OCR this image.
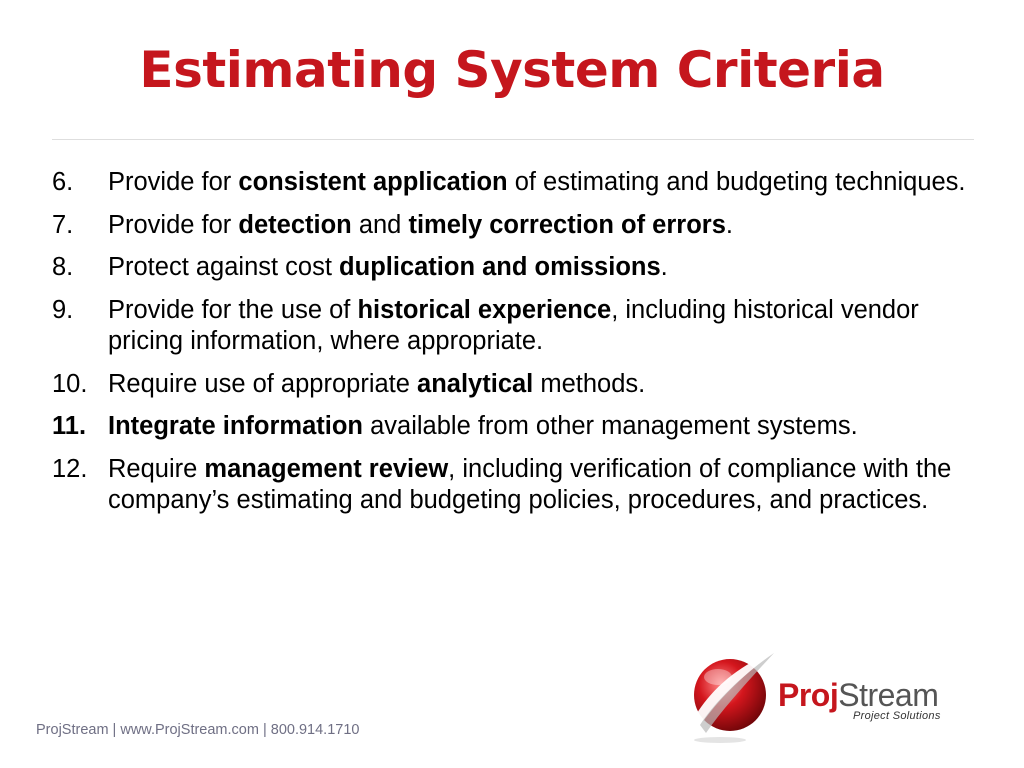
Estimating System Criteria
6.	Provide for consistent application of estimating and budgeting techniques.
7.	Provide for detection and timely correction of errors.
8.	Protect against cost duplication and omissions.
9.	Provide for the use of historical experience, including historical vendor pricing information, where appropriate.
10. Require use of appropriate analytical methods.
11. Integrate information available from other management systems.
12. Require management review, including verification of compliance with the company’s estimating and budgeting policies, procedures, and practices.
ProjStream | www.ProjStream.com | 800.914.1710
ProjStream
Project Solutions
